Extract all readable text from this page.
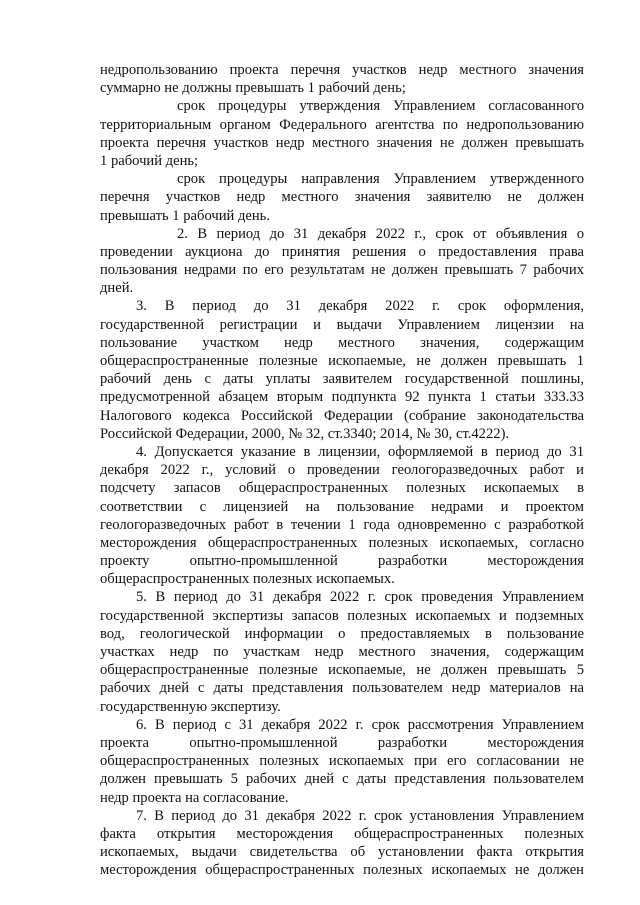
недропользованию проекта перечня участков недр местного значения
суммарно не должны превышать 1 рабочий день;
срок процедуры утверждения Управлением согласованного
территориальным органом Федерального агентства по недропользованию
проекта перечня участков недр местного значения не должен превышать
1 рабочий день;
срок процедуры направления Управлением утвержденного
перечня участков недр местного значения заявителю не должен
превышать 1 рабочий день.
2. В период до 31 декабря 2022 г., срок от объявления о
проведении аукциона до принятия решения о предоставления права
пользования недрами по его результатам не должен превышать 7 рабочих
дней.
3. В период до 31 декабря 2022 г. срок оформления,
государственной регистрации и выдачи Управлением лицензии на
пользование участком недр местного значения, содержащим
общераспространенные полезные ископаемые, не должен превышать 1
рабочий день с даты уплаты заявителем государственной пошлины,
предусмотренной абзацем вторым подпункта 92 пункта 1 статьи 333.33
Налогового кодекса Российской Федерации (собрание законодательства
Российской Федерации, 2000, № 32, ст.3340; 2014, № 30, ст.4222).
4. Допускается указание в лицензии, оформляемой в период до 31
декабря 2022 г., условий о проведении геологоразведочных работ и
подсчету запасов общераспространенных полезных ископаемых в
соответствии с лицензией на пользование недрами и проектом
геологоразведочных работ в течении 1 года одновременно с разработкой
месторождения общераспространенных полезных ископаемых, согласно
проекту опытно-промышленной разработки месторождения
общераспространенных полезных ископаемых.
5. В период до 31 декабря 2022 г. срок проведения Управлением
государственной экспертизы запасов полезных ископаемых и подземных
вод, геологической информации о предоставляемых в пользование
участках недр по участкам недр местного значения, содержащим
общераспространенные полезные ископаемые, не должен превышать 5
рабочих дней с даты представления пользователем недр материалов на
государственную экспертизу.
6. В период с 31 декабря 2022 г. срок рассмотрения Управлением
проекта опытно-промышленной разработки месторождения
общераспространенных полезных ископаемых при его согласовании не
должен превышать 5 рабочих дней с даты представления пользователем
недр проекта на согласование.
7. В период до 31 декабря 2022 г. срок установления Управлением
факта открытия месторождения общераспространенных полезных
ископаемых, выдачи свидетельства об установлении факта открытия
месторождения общераспространенных полезных ископаемых не должен
